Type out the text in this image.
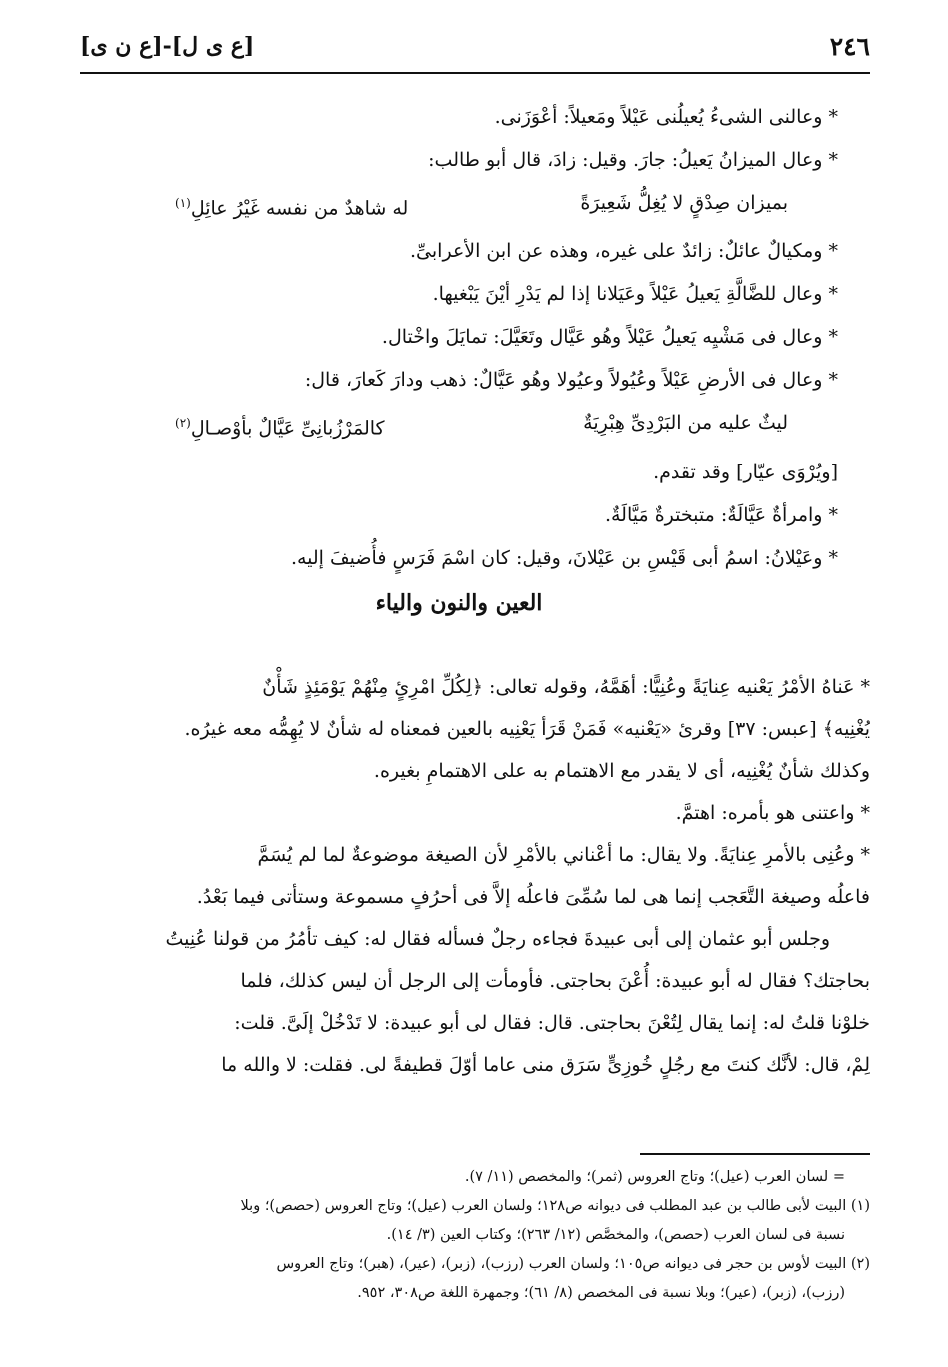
٢٤٦
[ع ى ل]-[ع ن ى]

* وعالنى الشىءُ يُعيلُنى عَيْلاً ومَعيلاً: أعْوَزَنى.

* وعال الميزانُ يَعيلُ: جارَ. وقيل: زادَ، قال أبو طالب:

بميزان صِدْقٍ لا يُغِلُّ شَعِيرَةً
له شاهدٌ من نفسه غَيْرُ عائِلِ$^{(١)}$

* ومكيالٌ عائلٌ: زائدٌ على غيره، وهذه عن ابن الأعرابىِّ.

* وعال للضَّالَّةِ يَعيلُ عَيْلاً وعَيَلانا إذا لم يَدْرِ أيْنَ يَبْغيها.

* وعال فى مَشْيِه يَعيلُ عَيْلاً وهُو عَيَّال وتَعَيَّلَ: تمايَلَ واخْتال.

* وعال فى الأرضِ عَيْلاً وعُيُولاً وعيُولا وهُو عَيَّالٌ: ذهب ودارَ كَعارَ، قال:

ليثٌ عليه من البَرْدِىِّ هِبْرِيَةٌ
كالمَرْزُبانِىِّ عَيَّالٌ بأوْصـالِ$^{(٢)}$

[ويُرْوَى عيّار] وقد تقدم.

* وامرأةٌ عَيَّالَةٌ: متبخترةٌ مَيَّالَةٌ.

* وعَيْلانُ: اسمُ أبى قَيْسِ بن عَيْلانَ، وقيل: كان اسْمَ فَرَسٍ فأُضيفَ إليه.

العين والنون والياء

* عَناهُ الأمْرُ يَعْنيه عِنايَةً وعُنِيًّا: أهَمَّهُ، وقوله تعالى: ﴿لِكُلِّ امْرِئٍ مِنْهُمْ يَوْمَئِذٍ شَأْنٌ

يُغْنِيه﴾ [عبس: ٣٧] وقرئ «يَعْنيه» فَمَنْ قَرَأ يَعْنِيه بالعين فمعناه له شأنٌ لا يُهِمُّه معه غيرُه.

وكذلك شأنٌ يُغْنِيه، أى لا يقدر مع الاهتمام به على الاهتمامِ بغيره.

* واعتنى هو بأمره: اهتمَّ.

* وعُنِى بالأمرِ عِنايَةً. ولا يقال: ما أعْناني بالأمْرِ لأن الصيغة موضوعةٌ لما لم يُسَمَّ

فاعلُه وصيغة التَّعَجب إنما هى لما سُمِّىَ فاعلُه إلاَّ فى أحرُفٍ مسموعة وستأتى فيما بَعْدُ.

وجلس أبو عثمان إلى أبى عبيدةَ فجاءه رجلٌ فسأله فقال له: كيف تأمُرُ من قولنا عُنِيتُ

بحاجتك؟ فقال له أبو عبيدة: أُعْنَ بحاجتى. فأومأت إلى الرجل أن ليس كذلك، فلما

خلوْنا قلتُ له: إنما يقال لِتُعْنَ بحاجتى. قال: فقال لى أبو عبيدة: لا تَدْخُلْ إلَىَّ. قلت:

لِمْ، قال: لأنَّك كنتَ مع رجُلٍ خُوزِىٍّ سَرَق منى عاما أوّلَ قطيفةً لى. فقلت: لا والله ما

= لسان العرب (عيل)؛ وتاج العروس (ثمر)؛ والمخصص (١١/ ٧).
(١) البيت لأبى طالب بن عبد المطلب فى ديوانه ص١٢٨؛ ولسان العرب (عيل)؛ وتاج العروس (حصص)؛ وبلا
نسبة فى لسان العرب (حصص)، والمخصَّص (١٢/ ٢٦٣)؛ وكتاب العين (٣/ ١٤).
(٢) البيت لأوس بن حجر فى ديوانه ص١٠٥؛ ولسان العرب (رزب)، (زبر)، (عير)، (هبر)؛ وتاج العروس
(رزب)، (زبر)، (عير)؛ وبلا نسبة فى المخصص (٨/ ٦١)؛ وجمهرة اللغة ص٣٠٨، ٩٥٢.
